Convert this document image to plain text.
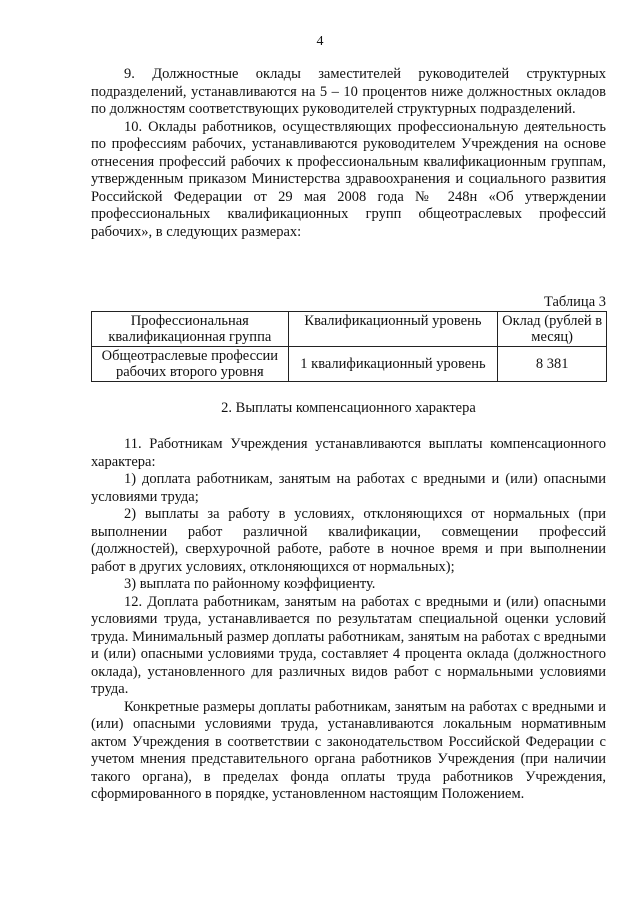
4

9. Должностные оклады заместителей руководителей структурных подразделений, устанавливаются на 5 – 10 процентов ниже должностных окладов по должностям соответствующих руководителей структурных подразделений.

10. Оклады работников, осуществляющих профессиональную деятельность по профессиям рабочих, устанавливаются руководителем Учреждения на основе отнесения профессий рабочих к профессиональным квалификационным группам, утвержденным приказом Министерства здравоохранения и социального развития Российской Федерации от 29 мая 2008 года № 248н «Об утверждении профессиональных квалификационных групп общеотраслевых профессий рабочих», в следующих размерах:

Таблица 3
Профессиональная квалификационная группа	Квалификационный уровень	Оклад (рублей в месяц)
Общеотраслевые профессии рабочих второго уровня	1 квалификационный уровень	8 381
2. Выплаты компенсационного характера

11. Работникам Учреждения устанавливаются выплаты компенсационного характера:

1) доплата работникам, занятым на работах с вредными и (или) опасными условиями труда;

2) выплаты за работу в условиях, отклоняющихся от нормальных (при выполнении работ различной квалификации, совмещении профессий (должностей), сверхурочной работе, работе в ночное время и при выполнении работ в других условиях, отклоняющихся от нормальных);

3) выплата по районному коэффициенту.

12. Доплата работникам, занятым на работах с вредными и (или) опасными условиями труда, устанавливается по результатам специальной оценки условий труда. Минимальный размер доплаты работникам, занятым на работах с вредными и (или) опасными условиями труда, составляет 4 процента оклада (должностного оклада), установленного для различных видов работ с нормальными условиями труда.

Конкретные размеры доплаты работникам, занятым на работах с вредными и (или) опасными условиями труда, устанавливаются локальным нормативным актом Учреждения в соответствии с законодательством Российской Федерации с учетом мнения представительного органа работников Учреждения (при наличии такого органа), в пределах фонда оплаты труда работников Учреждения, сформированного в порядке, установленном настоящим Положением.
